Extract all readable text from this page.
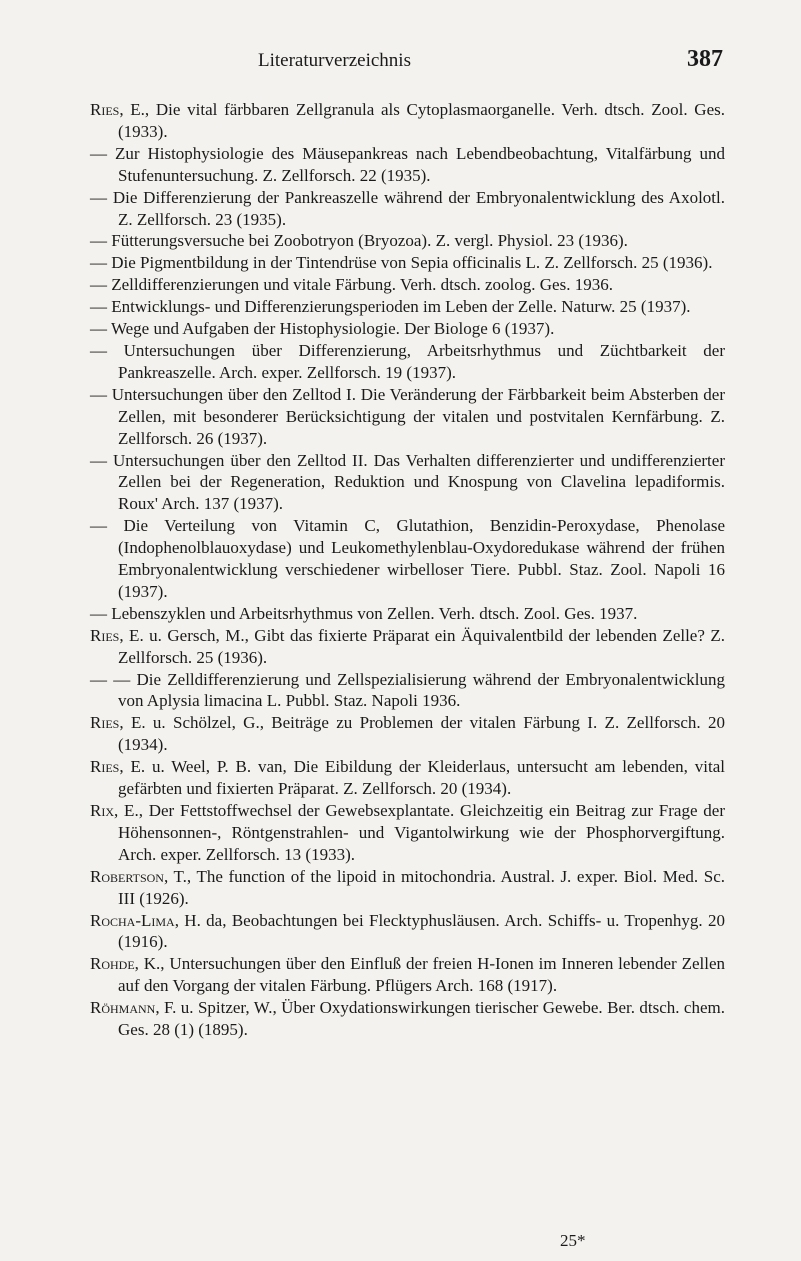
Literaturverzeichnis	387

Ries, E., Die vital färbbaren Zellgranula als Cytoplasmaorganelle. Verh. dtsch. Zool. Ges. (1933).

— Zur Histophysiologie des Mäusepankreas nach Lebendbeobachtung, Vitalfärbung und Stufenuntersuchung. Z. Zellforsch. 22 (1935).

— Die Differenzierung der Pankreaszelle während der Embryonalentwicklung des Axolotl. Z. Zellforsch. 23 (1935).

— Fütterungsversuche bei Zoobotryon (Bryozoa). Z. vergl. Physiol. 23 (1936).

— Die Pigmentbildung in der Tintendrüse von Sepia officinalis L. Z. Zellforsch. 25 (1936).

— Zelldifferenzierungen und vitale Färbung. Verh. dtsch. zoolog. Ges. 1936.

— Entwicklungs- und Differenzierungsperioden im Leben der Zelle. Naturw. 25 (1937).

— Wege und Aufgaben der Histophysiologie. Der Biologe 6 (1937).

— Untersuchungen über Differenzierung, Arbeitsrhythmus und Züchtbarkeit der Pankreaszelle. Arch. exper. Zellforsch. 19 (1937).

— Untersuchungen über den Zelltod I. Die Veränderung der Färbbarkeit beim Absterben der Zellen, mit besonderer Berücksichtigung der vitalen und postvitalen Kernfärbung. Z. Zellforsch. 26 (1937).

— Untersuchungen über den Zelltod II. Das Verhalten differenzierter und undifferenzierter Zellen bei der Regeneration, Reduktion und Knospung von Clavelina lepadiformis. Roux' Arch. 137 (1937).

— Die Verteilung von Vitamin C, Glutathion, Benzidin-Peroxydase, Phenolase (Indophenolblauoxydase) und Leukomethylenblau-Oxydoredukase während der frühen Embryonalentwicklung verschiedener wirbelloser Tiere. Pubbl. Staz. Zool. Napoli 16 (1937).

— Lebenszyklen und Arbeitsrhythmus von Zellen. Verh. dtsch. Zool. Ges. 1937.

Ries, E. u. Gersch, M., Gibt das fixierte Präparat ein Äquivalentbild der lebenden Zelle? Z. Zellforsch. 25 (1936).

— — Die Zelldifferenzierung und Zellspezialisierung während der Embryonalentwicklung von Aplysia limacina L. Pubbl. Staz. Napoli 1936.

Ries, E. u. Schölzel, G., Beiträge zu Problemen der vitalen Färbung I. Z. Zellforsch. 20 (1934).

Ries, E. u. Weel, P. B. van, Die Eibildung der Kleiderlaus, untersucht am lebenden, vital gefärbten und fixierten Präparat. Z. Zellforsch. 20 (1934).

Rix, E., Der Fettstoffwechsel der Gewebsexplantate. Gleichzeitig ein Beitrag zur Frage der Höhensonnen-, Röntgenstrahlen- und Vigantolwirkung wie der Phosphorvergiftung. Arch. exper. Zellforsch. 13 (1933).

Robertson, T., The function of the lipoid in mitochondria. Austral. J. exper. Biol. Med. Sc. III (1926).

Rocha-Lima, H. da, Beobachtungen bei Flecktyphusläusen. Arch. Schiffs- u. Tropenhyg. 20 (1916).

Rohde, K., Untersuchungen über den Einfluß der freien H-Ionen im Inneren lebender Zellen auf den Vorgang der vitalen Färbung. Pflügers Arch. 168 (1917).

Röhmann, F. u. Spitzer, W., Über Oxydationswirkungen tierischer Gewebe. Ber. dtsch. chem. Ges. 28 (1) (1895).

25*
